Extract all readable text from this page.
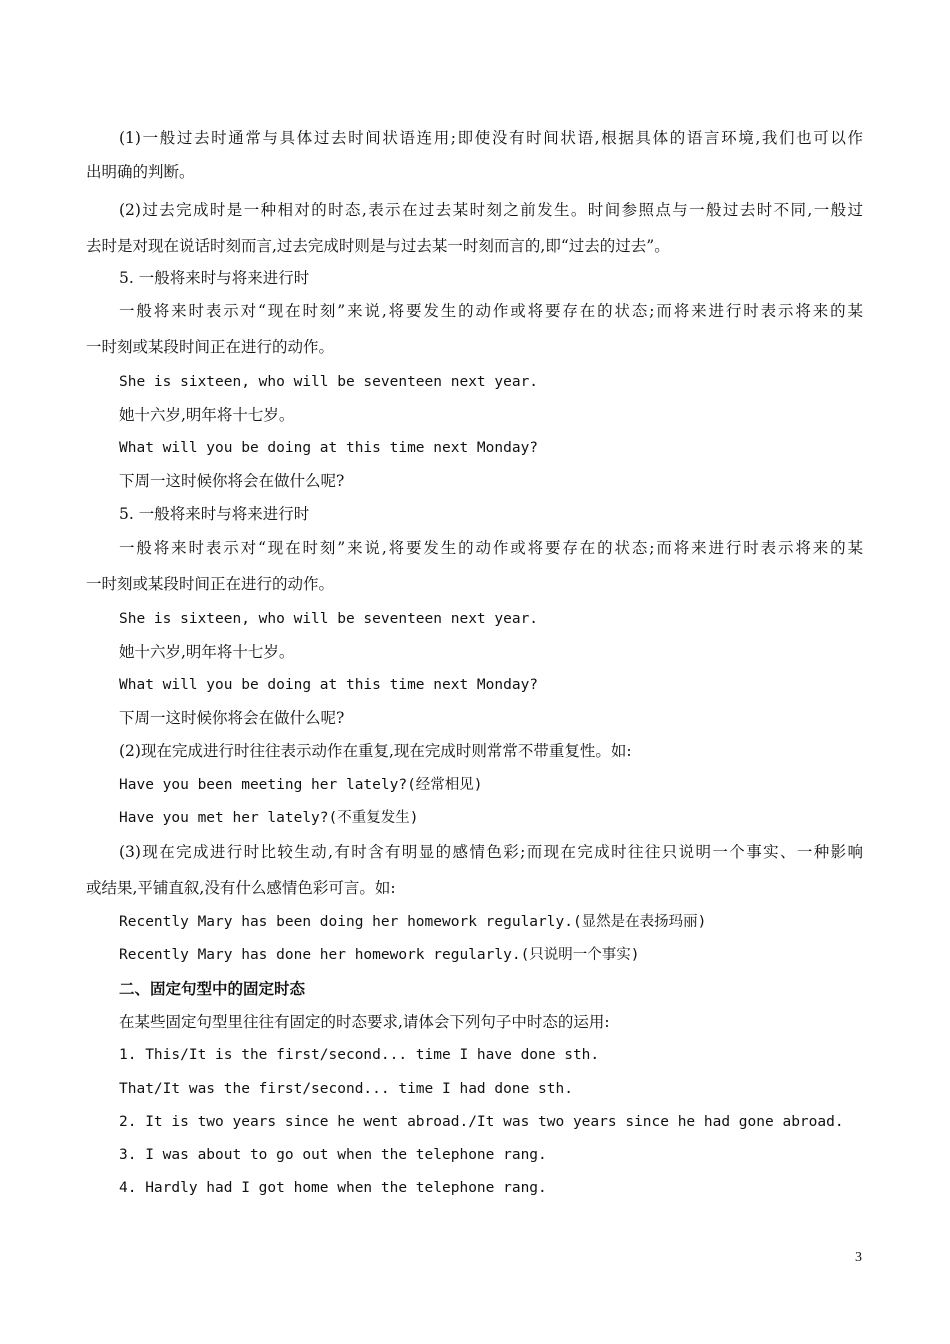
(1)一般过去时通常与具体过去时间状语连用;即使没有时间状语,根据具体的语言环境,我们也可以作
出明确的判断。
(2)过去完成时是一种相对的时态,表示在过去某时刻之前发生。时间参照点与一般过去时不同,一般过
去时是对现在说话时刻而言,过去完成时则是与过去某一时刻而言的,即“过去的过去”。
5. 一般将来时与将来进行时
一般将来时表示对“现在时刻”来说,将要发生的动作或将要存在的状态;而将来进行时表示将来的某
一时刻或某段时间正在进行的动作。
She is sixteen, who will be seventeen next year.
她十六岁,明年将十七岁。
What will you be doing at this time next Monday?
下周一这时候你将会在做什么呢?
5. 一般将来时与将来进行时
一般将来时表示对“现在时刻”来说,将要发生的动作或将要存在的状态;而将来进行时表示将来的某
一时刻或某段时间正在进行的动作。
She is sixteen, who will be seventeen next year.
她十六岁,明年将十七岁。
What will you be doing at this time next Monday?
下周一这时候你将会在做什么呢?
(2)现在完成进行时往往表示动作在重复,现在完成时则常常不带重复性。如:
Have you been meeting her lately?(经常相见)
Have you met her lately?(不重复发生)
(3)现在完成进行时比较生动,有时含有明显的感情色彩;而现在完成时往往只说明一个事实、一种影响
或结果,平铺直叙,没有什么感情色彩可言。如:
Recently Mary has been doing her homework regularly.(显然是在表扬玛丽)
Recently Mary has done her homework regularly.(只说明一个事实)
二、固定句型中的固定时态
在某些固定句型里往往有固定的时态要求,请体会下列句子中时态的运用:
1. This/It is the first/second... time I have done sth.
That/It was the first/second... time I had done sth.
2. It is two years since he went abroad./It was two years since he had gone abroad.
3. I was about to go out when the telephone rang.
4. Hardly had I got home when the telephone rang.
3
